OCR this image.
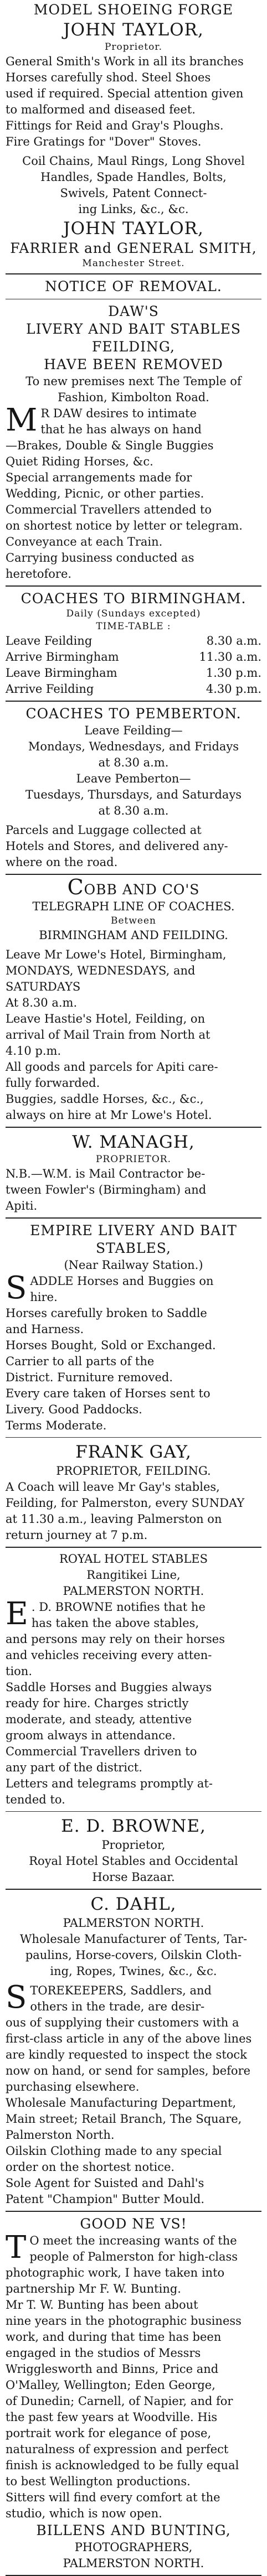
MODEL SHOEING FORGE
JOHN TAYLOR,
Proprietor.
General Smith's Work in all its branches
Horses carefully shod. Steel Shoes
used if required. Special attention given
to malformed and diseased feet.
Fittings for Reid and Gray's Ploughs.
Fire Gratings for "Dover" Stoves.
Coil Chains, Maul Rings, Long Shovel
Handles, Spade Handles, Bolts,
Swivels, Patent Connect-
ing Links, &c., &c.
JOHN TAYLOR,
FARRIER and GENERAL SMITH,
Manchester Street.
NOTICE OF REMOVAL.
DAW'S
LIVERY AND BAIT STABLES
FEILDING,
HAVE BEEN REMOVED
To new premises next The Temple of
Fashion, Kimbolton Road.
M R DAW desires to intimate
that he has always on hand
—Brakes, Double & Single Buggies
Quiet Riding Horses, &c.
Special arrangements made for
Wedding, Picnic, or other parties.
Commercial Travellers attended to
on shortest notice by letter or telegram.
Conveyance at each Train.
Carrying business conducted as
heretofore.
COACHES TO BIRMINGHAM.
Daily (Sundays excepted)
TIME-TABLE :
Leave Feilding	8.30 a.m.
Arrive Birmingham	11.30 a.m.
Leave Birmingham	1.30 p.m.
Arrive Feilding	4.30 p.m.
COACHES TO PEMBERTON.
Leave Feilding—
Mondays, Wednesdays, and Fridays
at 8.30 a.m.
Leave Pemberton—
Tuesdays, Thursdays, and Saturdays
at 8.30 a.m.
Parcels and Luggage collected at
Hotels and Stores, and delivered any-
where on the road.
COBB AND CO'S
TELEGRAPH LINE OF COACHES.
Between
BIRMINGHAM AND FEILDING.
Leave Mr Lowe's Hotel, Birmingham,
MONDAYS, WEDNESDAYS, and
SATURDAYS
At 8.30 a.m.
Leave Hastie's Hotel, Feilding, on
arrival of Mail Train from North at
4.10 p.m.
All goods and parcels for Apiti care-
fully forwarded.
Buggies, saddle Horses, &c., &c.,
always on hire at Mr Lowe's Hotel.
W. MANAGH,
PROPRIETOR.
N.B.—W.M. is Mail Contractor be-
tween Fowler's (Birmingham) and
Apiti.
EMPIRE LIVERY AND BAIT
STABLES,
(Near Railway Station.)
S ADDLE Horses and Buggies on
hire.
Horses carefully broken to Saddle
and Harness.
Horses Bought, Sold or Exchanged.
Carrier to all parts of the
District. Furniture removed.
Every care taken of Horses sent to
Livery. Good Paddocks.
Terms Moderate.
FRANK GAY,
PROPRIETOR, FEILDING.
A Coach will leave Mr Gay's stables,
Feilding, for Palmerston, every SUNDAY
at 11.30 a.m., leaving Palmerston on
return journey at 7 p.m.
ROYAL HOTEL STABLES
Rangitikei Line,
PALMERSTON NORTH.
E . D. BROWNE notifies that he
has taken the above stables,
and persons may rely on their horses
and vehicles receiving every atten-
tion.
Saddle Horses and Buggies always
ready for hire. Charges strictly
moderate, and steady, attentive
groom always in attendance.
Commercial Travellers driven to
any part of the district.
Letters and telegrams promptly at-
tended to.
E. D. BROWNE,
Proprietor,
Royal Hotel Stables and Occidental
Horse Bazaar.
C. DAHL,
PALMERSTON NORTH.
Wholesale Manufacturer of Tents, Tar-
paulins, Horse-covers, Oilskin Cloth-
ing, Ropes, Twines, &c., &c.
S TOREKEEPERS, Saddlers, and
others in the trade, are desir-
ous of supplying their customers with a
first-class article in any of the above lines
are kindly requested to inspect the stock
now on hand, or send for samples, before
purchasing elsewhere.
Wholesale Manufacturing Department,
Main street; Retail Branch, The Square,
Palmerston North.
Oilskin Clothing made to any special
order on the shortest notice.
Sole Agent for Suisted and Dahl's
Patent "Champion" Butter Mould.
GOOD NE VS!
T O meet the increasing wants of the
people of Palmerston for high-class
photographic work, I have taken into
partnership Mr F. W. Bunting.
Mr T. W. Bunting has been about
nine years in the photographic business
work, and during that time has been
engaged in the studios of Messrs
Wrigglesworth and Binns, Price and
O'Malley, Wellington; Eden George,
of Dunedin; Carnell, of Napier, and for
the past few years at Woodville. His
portrait work for elegance of pose,
naturalness of expression and perfect
finish is acknowledged to be fully equal
to best Wellington productions.
Sitters will find every comfort at the
studio, which is now open.
BILLENS AND BUNTING,
PHOTOGRAPHERS,
PALMERSTON NORTH.
